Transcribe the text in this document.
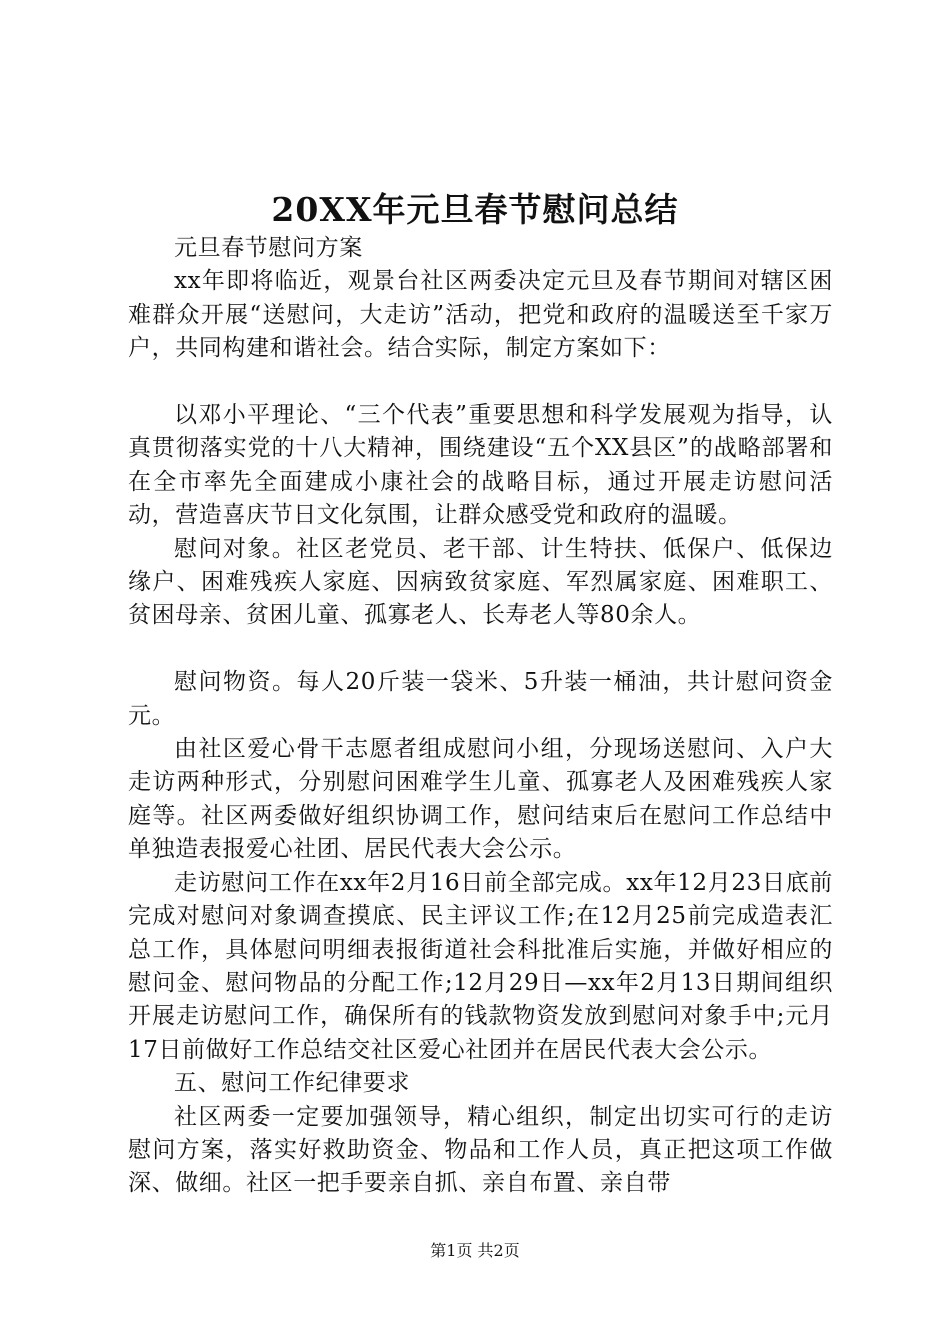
20XX年元旦春节慰问总结

元旦春节慰问方案

xx年即将临近，观景台社区两委决定元旦及春节期间对辖区困难群众开展“送慰问，大走访”活动，把党和政府的温暖送至千家万户，共同构建和谐社会。结合实际，制定方案如下：

以邓小平理论、“三个代表”重要思想和科学发展观为指导，认真贯彻落实党的十八大精神，围绕建设“五个XX县区”的战略部署和在全市率先全面建成小康社会的战略目标，通过开展走访慰问活动，营造喜庆节日文化氛围，让群众感受党和政府的温暖。

慰问对象。社区老党员、老干部、计生特扶、低保户、低保边缘户、困难残疾人家庭、因病致贫家庭、军烈属家庭、困难职工、贫困母亲、贫困儿童、孤寡老人、长寿老人等80余人。

慰问物资。每人20斤装一袋米、5升装一桶油，共计慰问资金元。

由社区爱心骨干志愿者组成慰问小组，分现场送慰问、入户大走访两种形式，分别慰问困难学生儿童、孤寡老人及困难残疾人家庭等。社区两委做好组织协调工作，慰问结束后在慰问工作总结中单独造表报爱心社团、居民代表大会公示。

走访慰问工作在xx年2月16日前全部完成。xx年12月23日底前完成对慰问对象调查摸底、民主评议工作;在12月25前完成造表汇总工作，具体慰问明细表报街道社会科批准后实施，并做好相应的慰问金、慰问物品的分配工作;12月29日—xx年2月13日期间组织开展走访慰问工作，确保所有的钱款物资发放到慰问对象手中;元月17日前做好工作总结交社区爱心社团并在居民代表大会公示。

五、慰问工作纪律要求

社区两委一定要加强领导，精心组织，制定出切实可行的走访慰问方案，落实好救助资金、物品和工作人员，真正把这项工作做深、做细。社区一把手要亲自抓、亲自布置、亲自带

第1页 共2页
